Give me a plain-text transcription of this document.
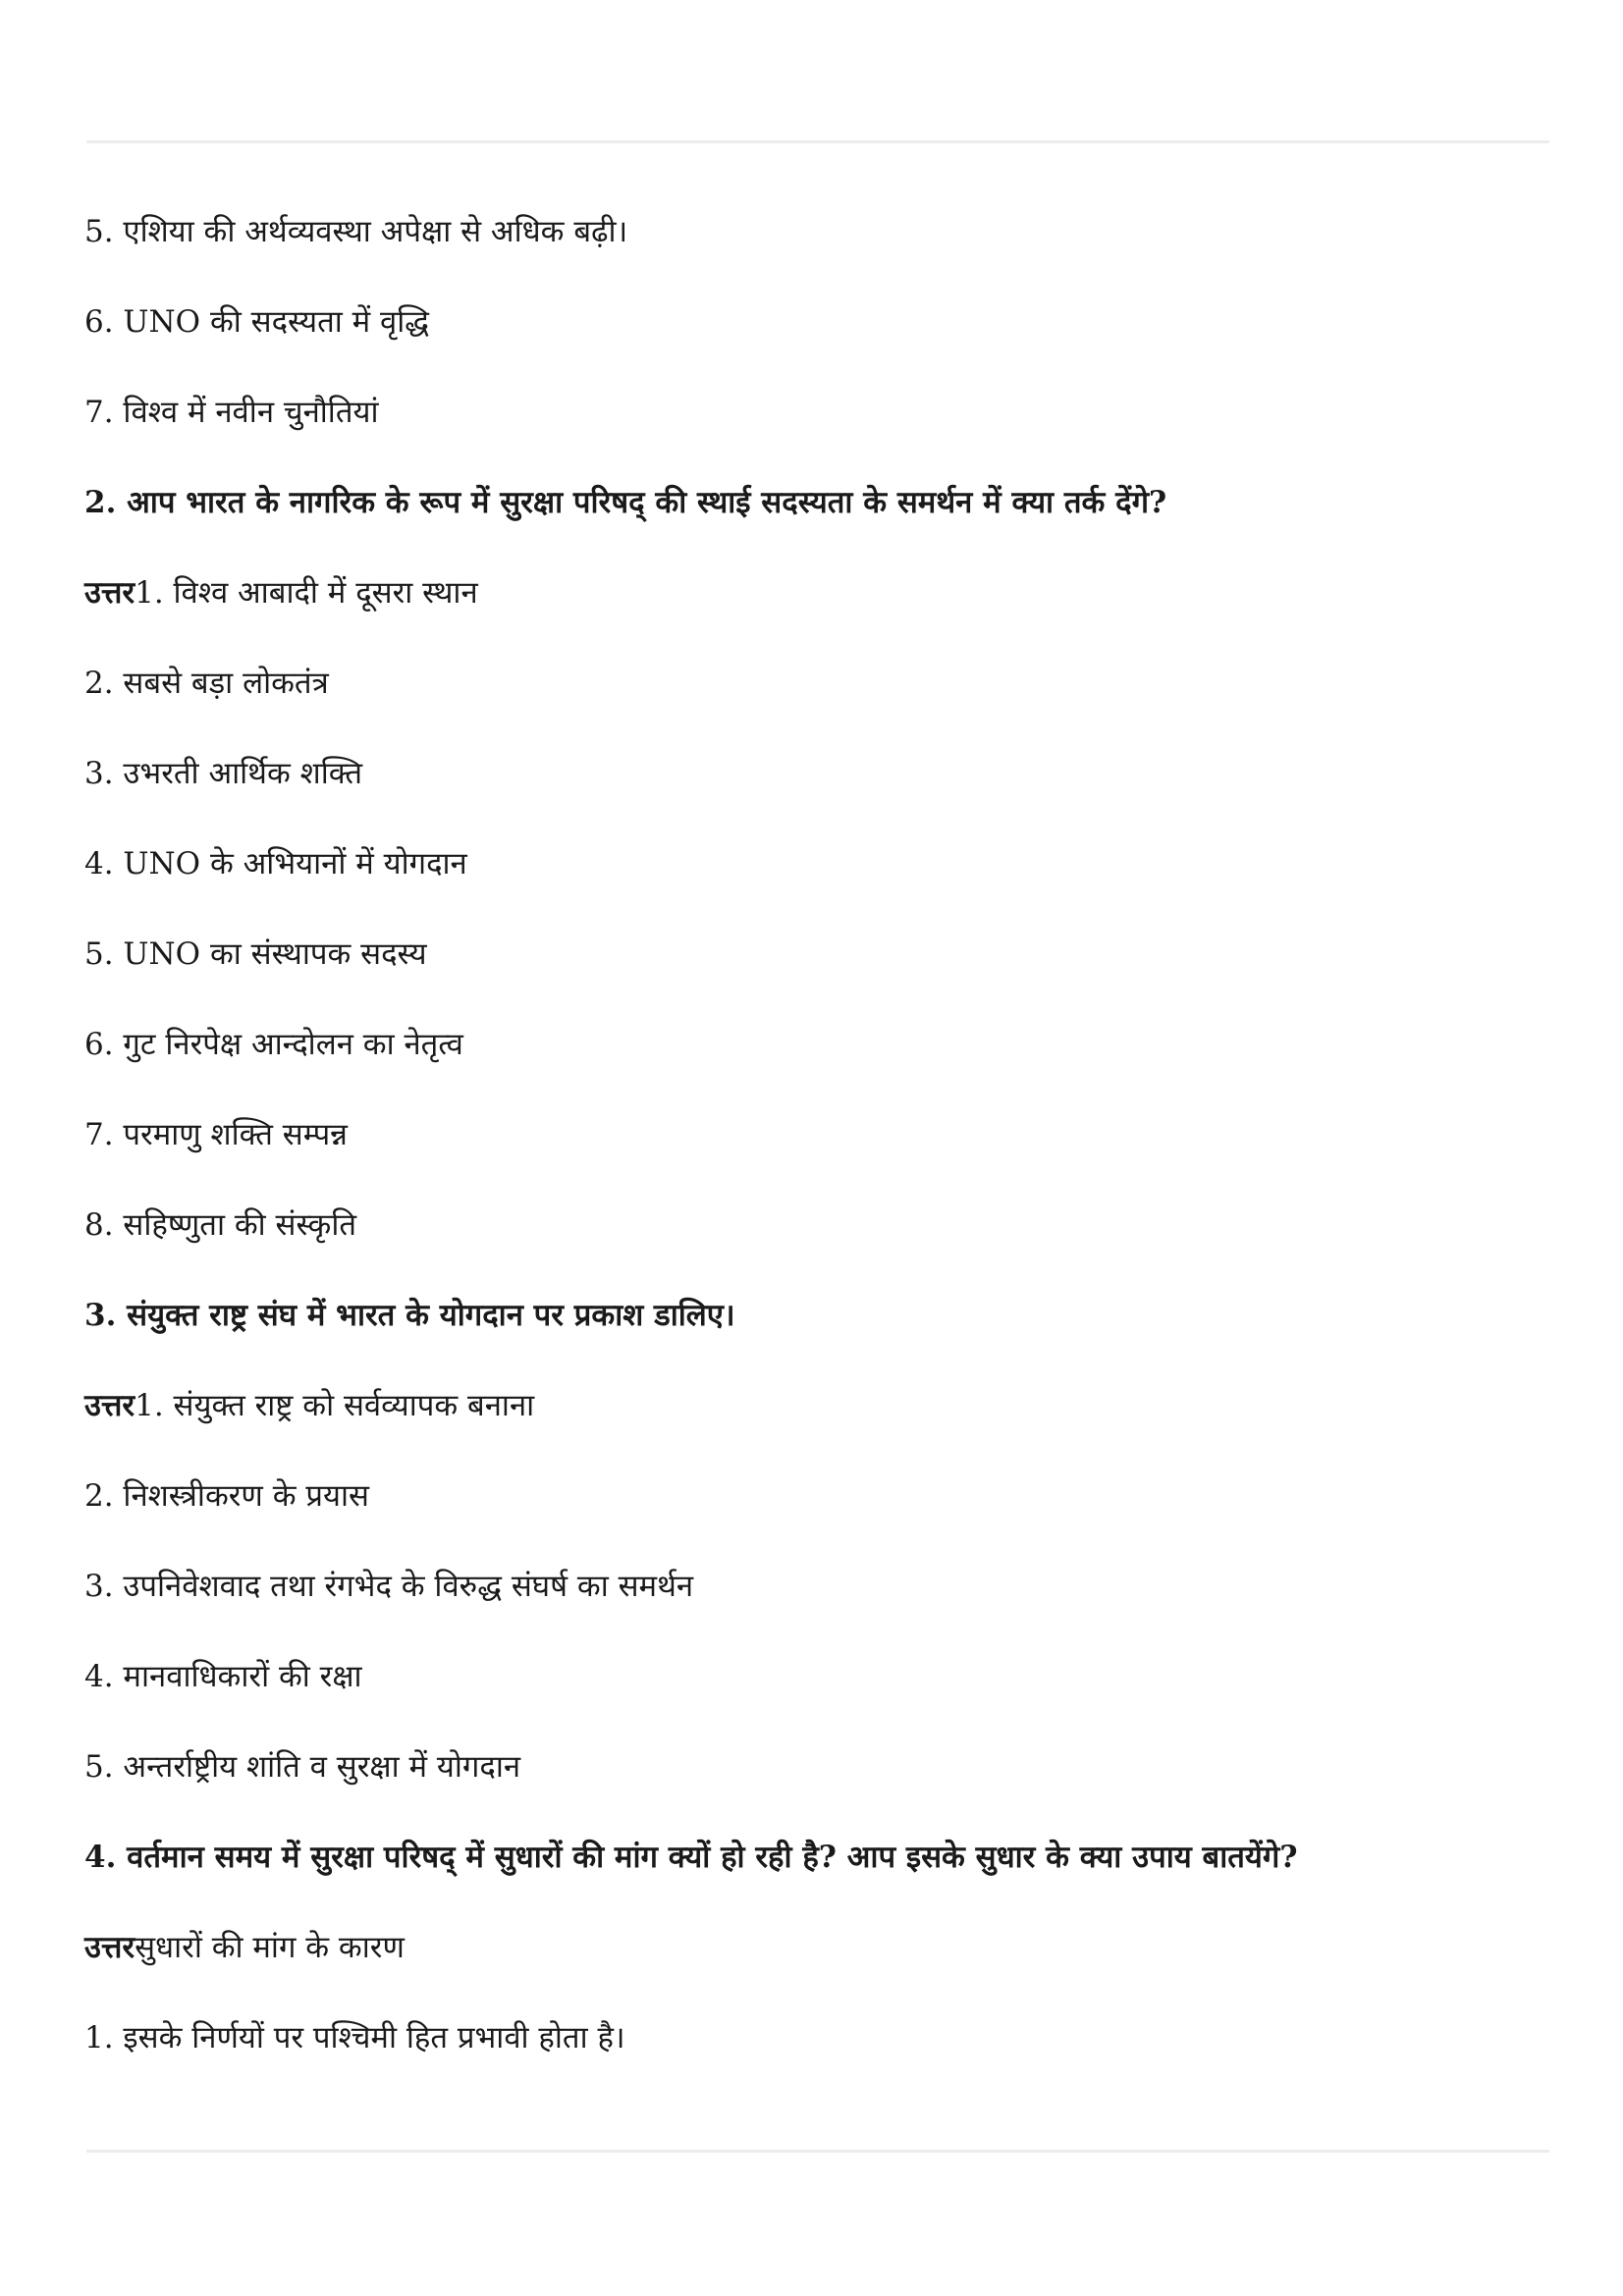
5. एशिया की अर्थव्यवस्था अपेक्षा से अधिक बढ़ी।
6. UNO की सदस्यता में वृद्धि
7. विश्व में नवीन चुनौतियां
2. आप भारत के नागरिक के रूप में सुरक्षा परिषद् की स्थाई सदस्यता के समर्थन में क्या तर्क देंगे?
उत्तर1. विश्व आबादी में दूसरा स्थान
2. सबसे बड़ा लोकतंत्र
3. उभरती आर्थिक शक्ति
4. UNO के अभियानों में योगदान
5. UNO का संस्थापक सदस्य
6. गुट निरपेक्ष आन्दोलन का नेतृत्व
7. परमाणु शक्ति सम्पन्न
8. सहिष्णुता की संस्कृति
3. संयुक्त राष्ट्र संघ में भारत के योगदान पर प्रकाश डालिए।
उत्तर1. संयुक्त राष्ट्र को सर्वव्यापक बनाना
2. निशस्त्रीकरण के प्रयास
3. उपनिवेशवाद तथा रंगभेद के विरुद्ध संघर्ष का समर्थन
4. मानवाधिकारों की रक्षा
5. अन्तर्राष्ट्रीय शांति व सुरक्षा में योगदान
4. वर्तमान समय में सुरक्षा परिषद् में सुधारों की मांग क्यों हो रही है? आप इसके सुधार के क्या उपाय बातयेंगे?
उत्तरसुधारों की मांग के कारण
1. इसके निर्णयों पर पश्चिमी हित प्रभावी होता है।
